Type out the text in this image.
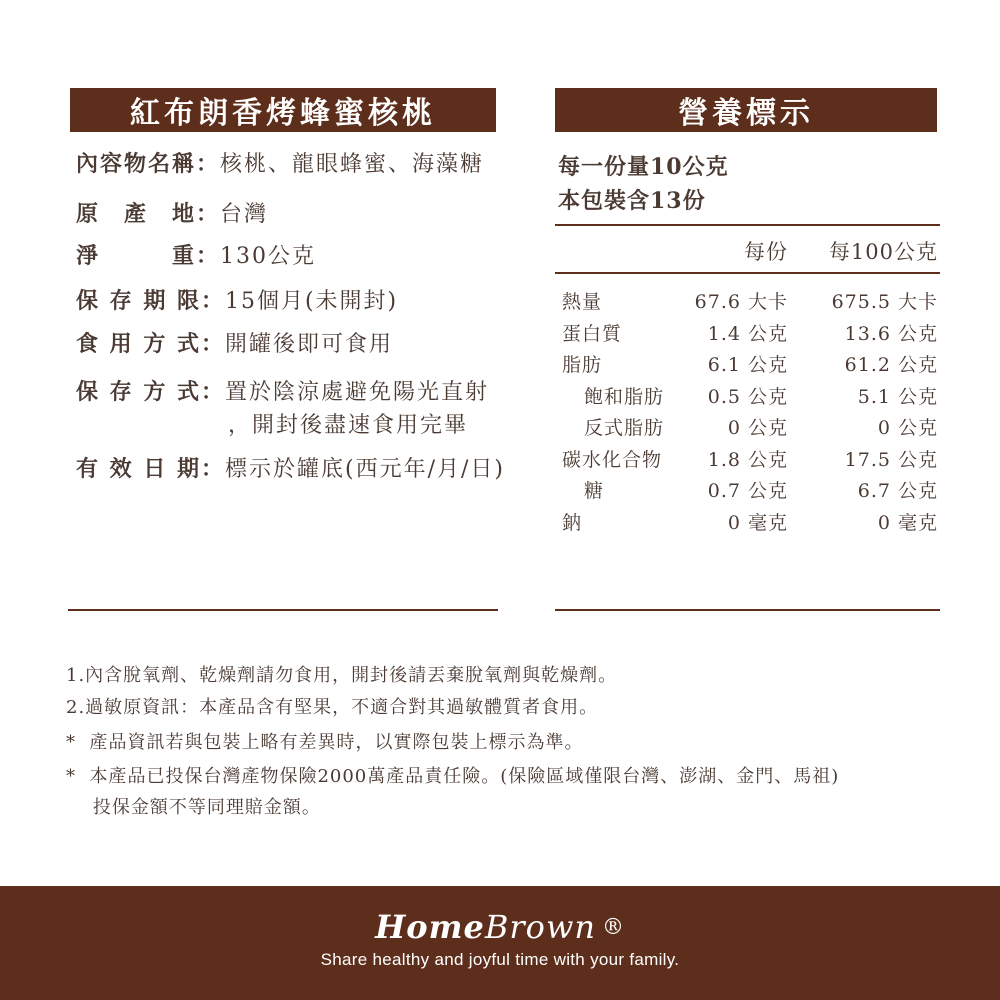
紅布朗香烤蜂蜜核桃
內容物名稱：核桃、龍眼蜂蜜、海藻糖
原　產　地：台灣
淨　　　重：130公克
保 存 期 限：15個月(未開封)
食 用 方 式：開罐後即可食用
保 存 方 式：置於陰涼處避免陽光直射
，開封後盡速食用完畢
有 效 日 期：標示於罐底(西元年/月/日)
營養標示
每一份量10公克
本包裝含13份
每份 每100公克
熱量	67.6 大卡 675.5 大卡
蛋白質	1.4 公克	13.6 公克
脂肪	6.1 公克	61.2 公克
飽和脂肪 0.5 公克	5.1 公克
反式脂肪	0 公克	0 公克
碳水化合物 1.8 公克	17.5 公克
糖	0.7 公克	6.7 公克
鈉	0 毫克	0 毫克
1.內含脫氧劑、乾燥劑請勿食用，開封後請丟棄脫氧劑與乾燥劑。
2.過敏原資訊：本產品含有堅果，不適合對其過敏體質者食用。
*  產品資訊若與包裝上略有差異時，以實際包裝上標示為準。
*  本產品已投保台灣產物保險2000萬產品責任險。(保險區域僅限台灣、澎湖、金門、馬祖)
投保金額不等同理賠金額。
HomeBrown ®
Share healthy and joyful time with your family.
